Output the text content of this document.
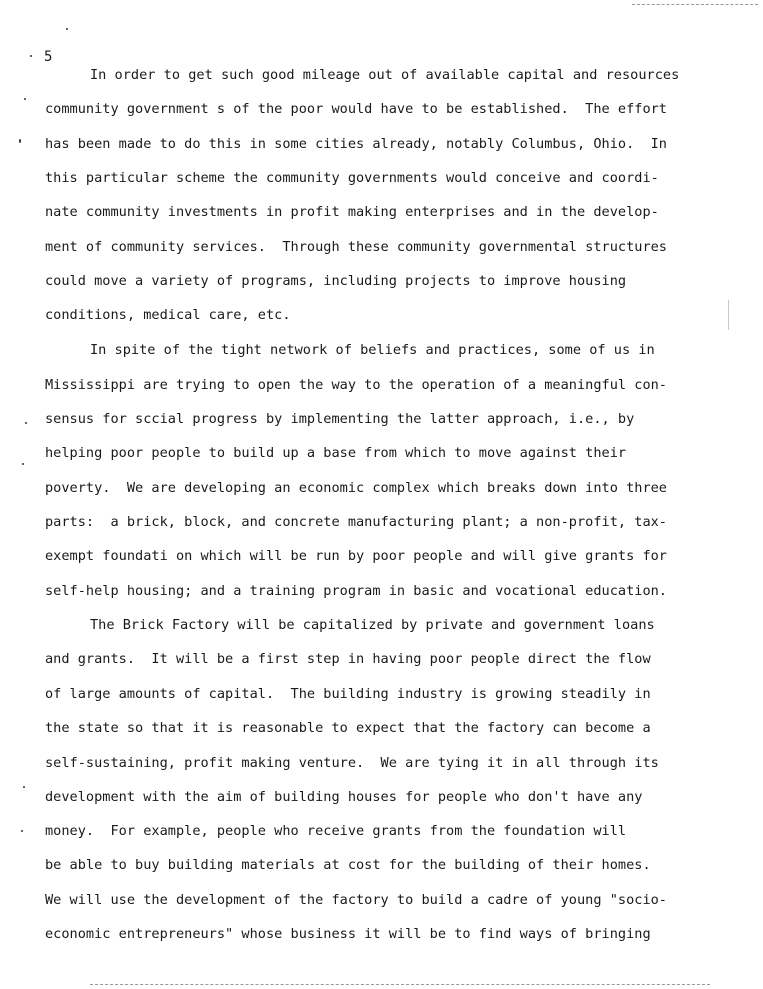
5
In order to get such good mileage out of available capital and resources
community government s of the poor would have to be established.  The effort
has been made to do this in some cities already, notably Columbus, Ohio.  In
this particular scheme the community governments would conceive and coordi-
nate community investments in profit making enterprises and in the develop-
ment of community services.  Through these community governmental structures
could move a variety of programs, including projects to improve housing
conditions, medical care, etc.
In spite of the tight network of beliefs and practices, some of us in
Mississippi are trying to open the way to the operation of a meaningful con-
sensus for sccial progress by implementing the latter approach, i.e., by
helping poor people to build up a base from which to move against their
poverty.  We are developing an economic complex which breaks down into three
parts:  a brick, block, and concrete manufacturing plant; a non-profit, tax-
exempt foundati on which will be run by poor people and will give grants for
self-help housing; and a training program in basic and vocational education.
The Brick Factory will be capitalized by private and government loans
and grants.  It will be a first step in having poor people direct the flow
of large amounts of capital.  The building industry is growing steadily in
the state so that it is reasonable to expect that the factory can become a
self-sustaining, profit making venture.  We are tying it in all through its
development with the aim of building houses for people who don't have any
money.  For example, people who receive grants from the foundation will
be able to buy building materials at cost for the building of their homes.
We will use the development of the factory to build a cadre of young "socio-
economic entrepreneurs" whose business it will be to find ways of bringing
